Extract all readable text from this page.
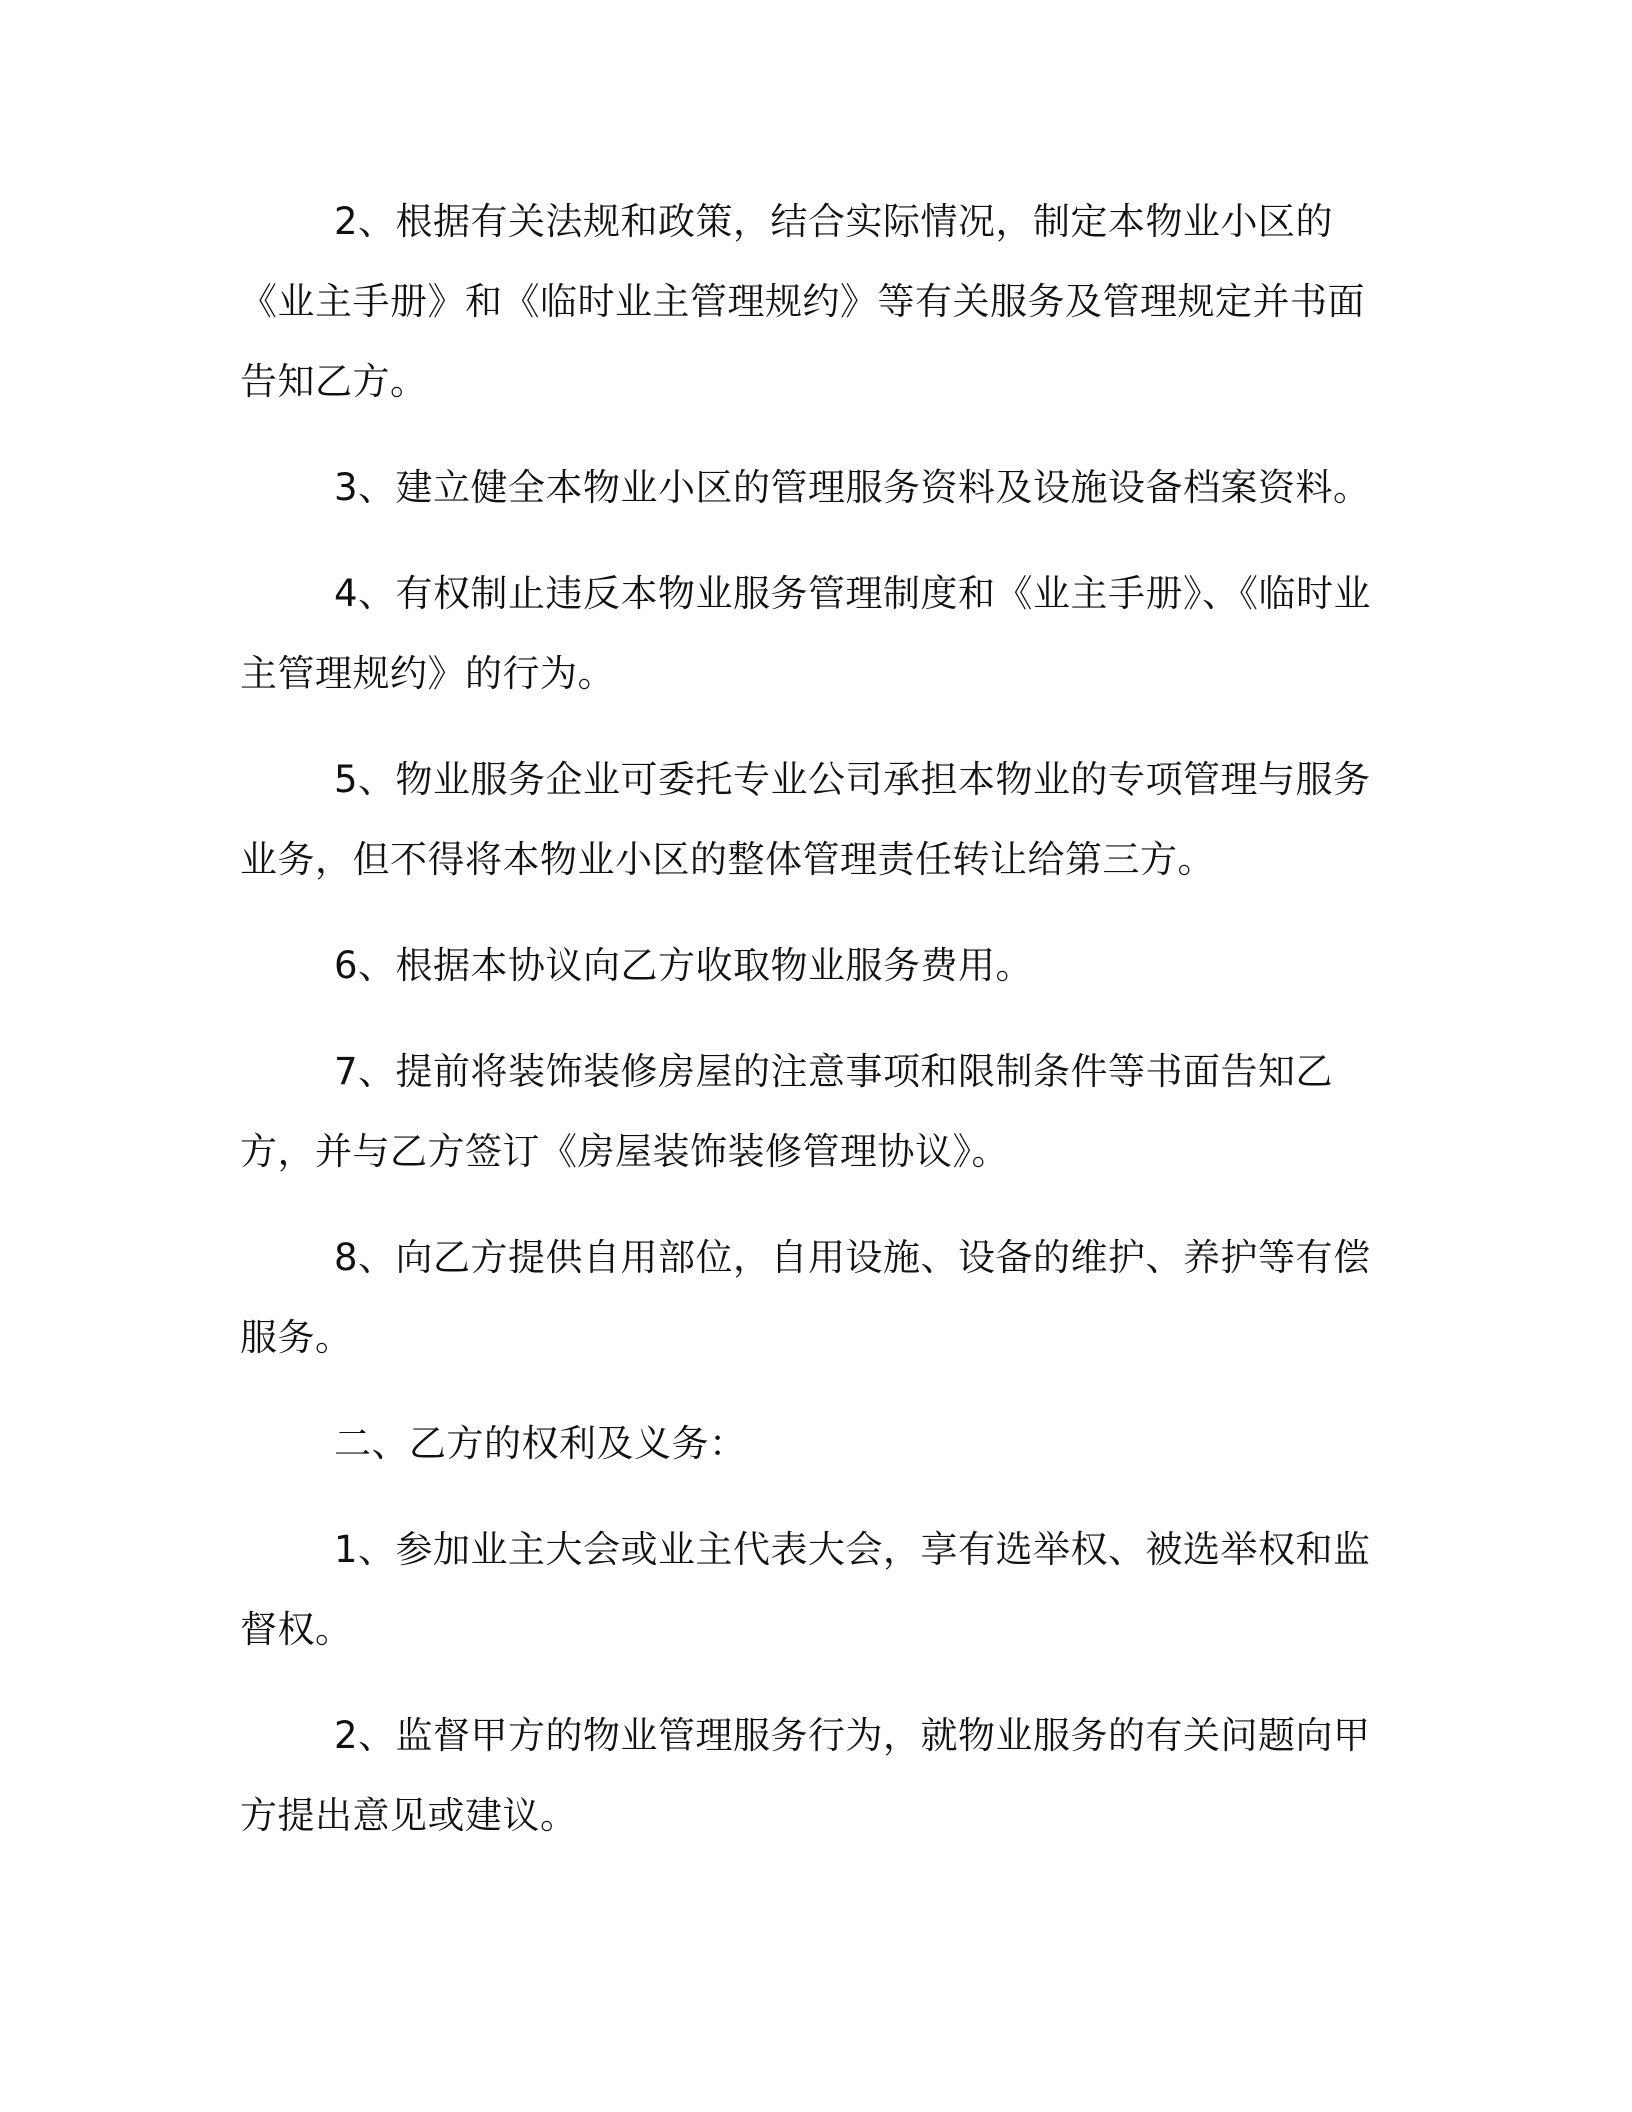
2、根据有关法规和政策，结合实际情况，制定本物业小区的《业主手册》和《临时业主管理规约》等有关服务及管理规定并书面告知乙方。

3、建立健全本物业小区的管理服务资料及设施设备档案资料。

4、有权制止违反本物业服务管理制度和《业主手册》、《临时业主管理规约》的行为。

5、物业服务企业可委托专业公司承担本物业的专项管理与服务业务，但不得将本物业小区的整体管理责任转让给第三方。

6、根据本协议向乙方收取物业服务费用。

7、提前将装饰装修房屋的注意事项和限制条件等书面告知乙方，并与乙方签订《房屋装饰装修管理协议》。

8、向乙方提供自用部位，自用设施、设备的维护、养护等有偿服务。

二、乙方的权利及义务：

1、参加业主大会或业主代表大会，享有选举权、被选举权和监督权。

2、监督甲方的物业管理服务行为，就物业服务的有关问题向甲方提出意见或建议。
